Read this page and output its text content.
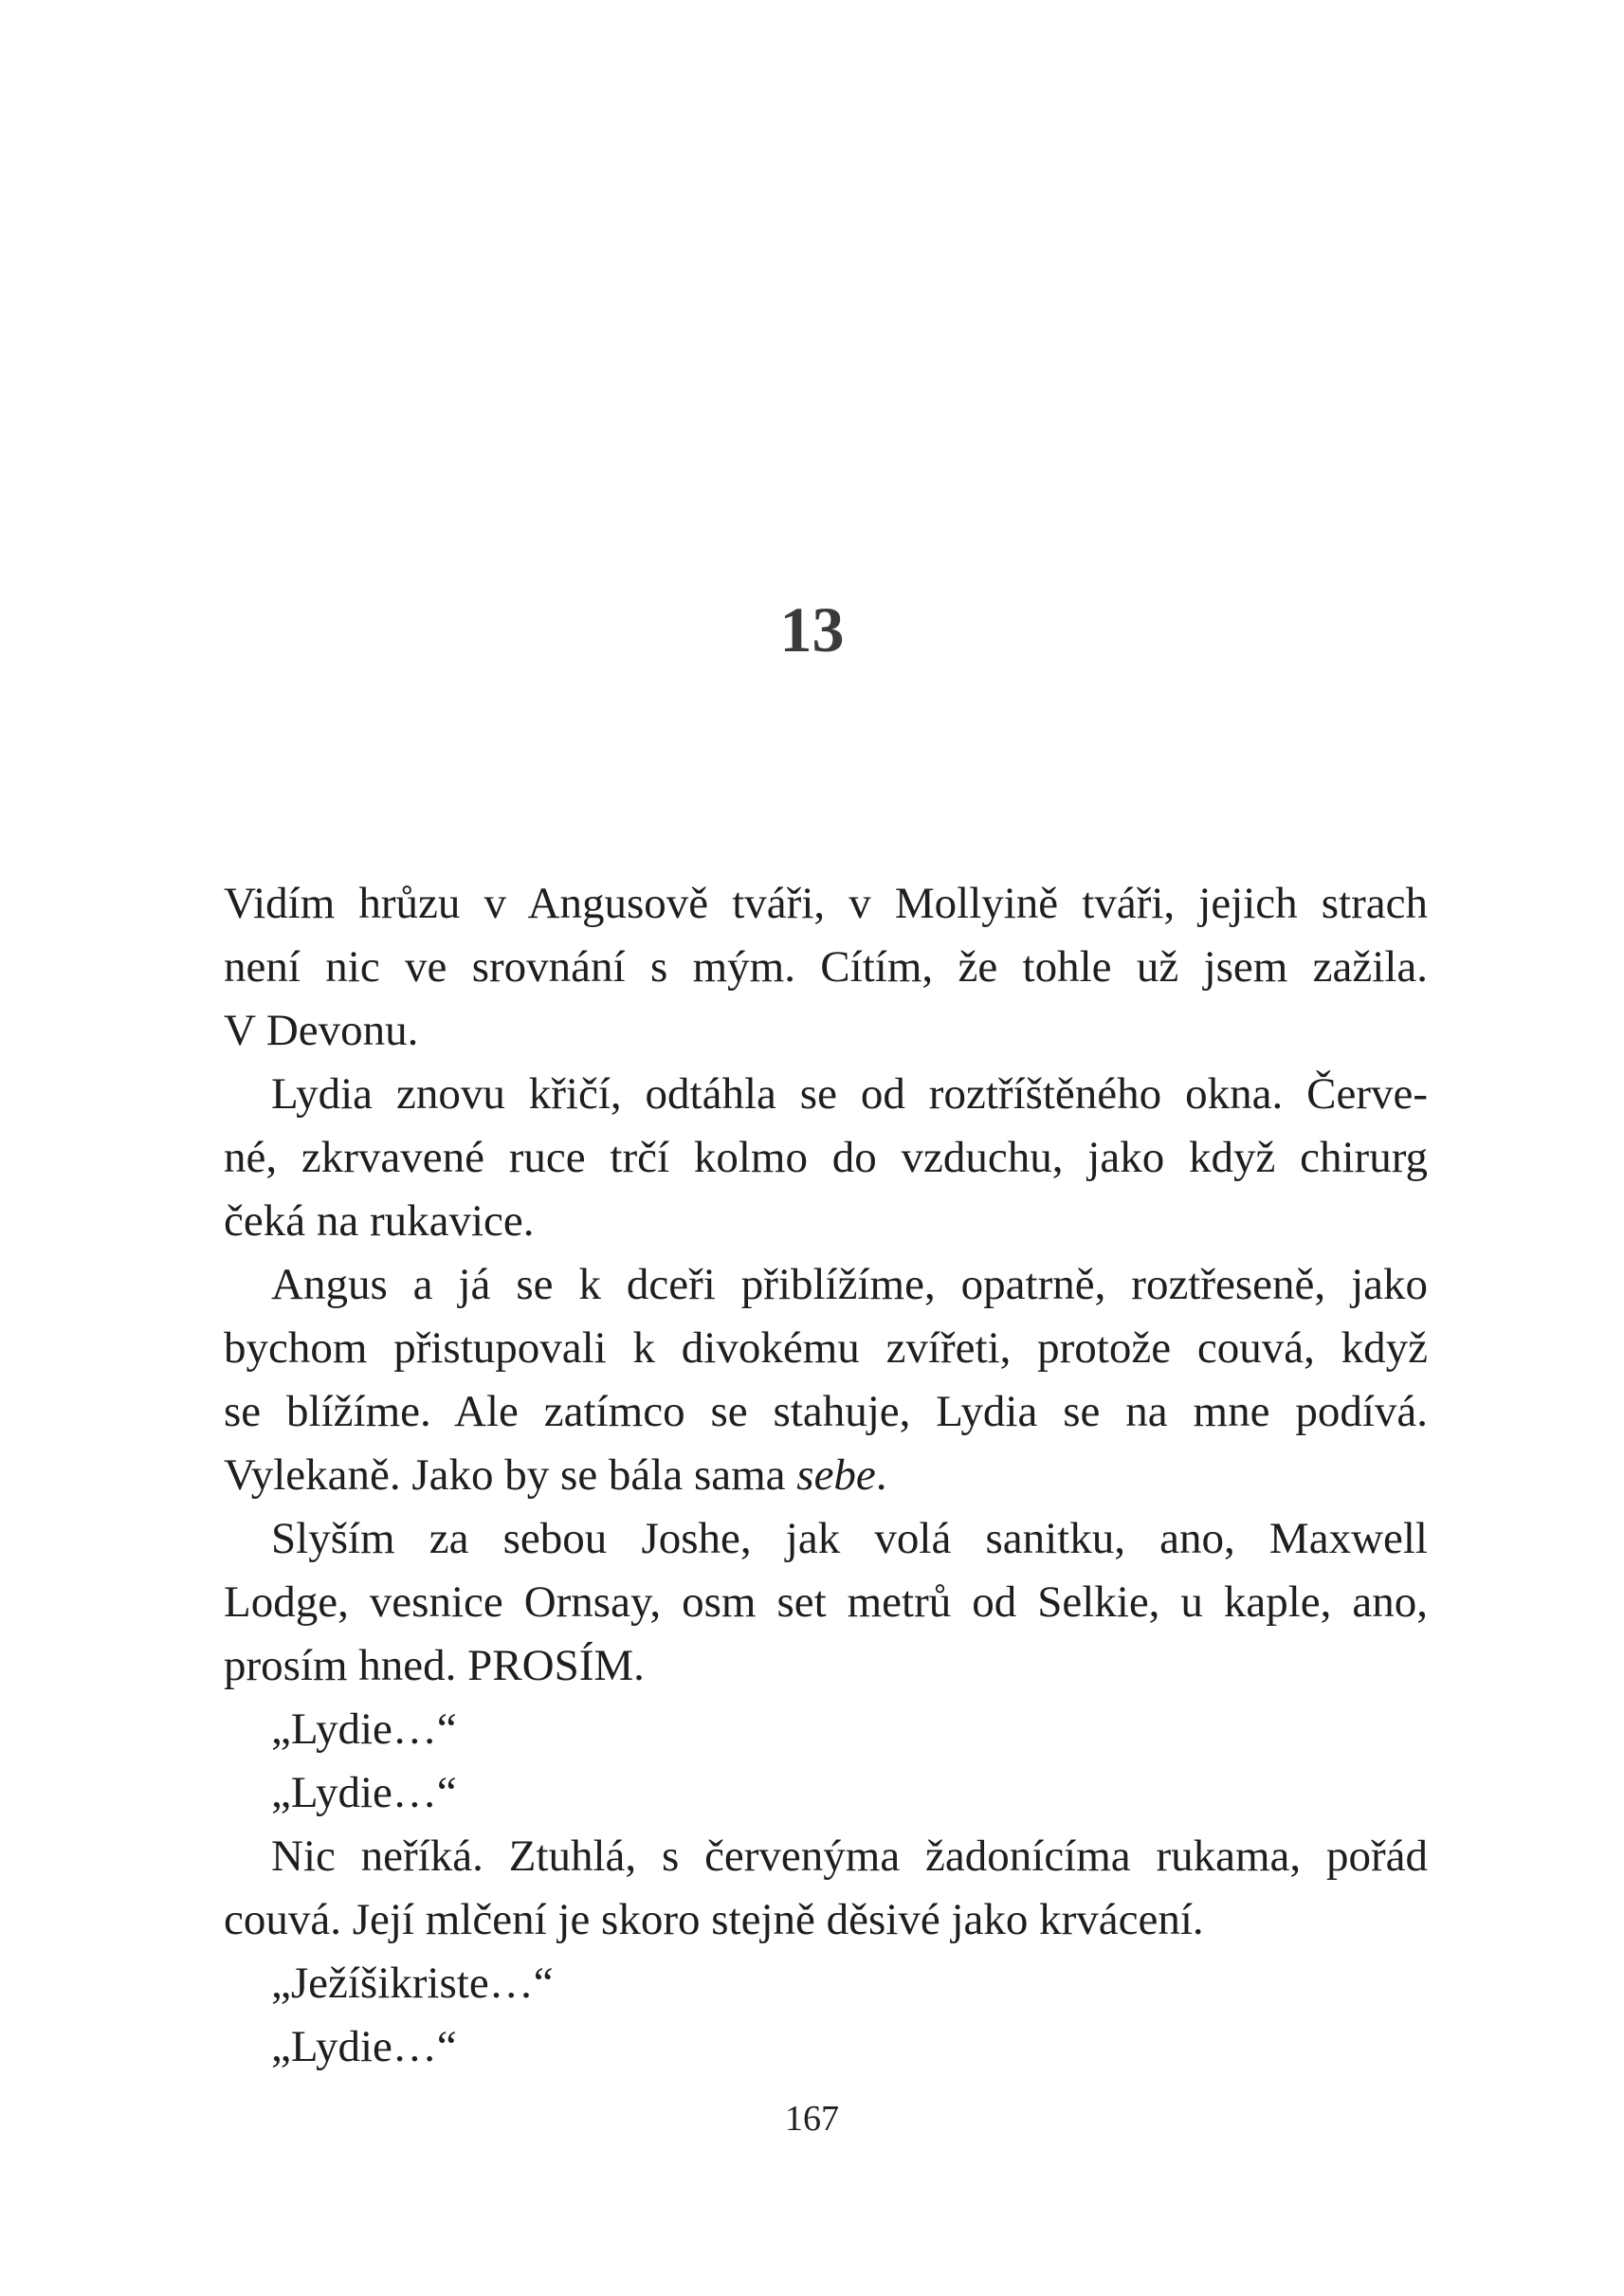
13
Vidím hrůzu v Angusově tváři, v Mollyině tváři, jejich strach
není nic ve srovnání s mým. Cítím, že tohle už jsem zažila.
V Devonu.
Lydia znovu křičí, odtáhla se od roztříštěného okna. Červe-
né, zkrvavené ruce trčí kolmo do vzduchu, jako když chirurg
čeká na rukavice.
Angus a já se k dceři přiblížíme, opatrně, roztřeseně, jako
bychom přistupovali k divokému zvířeti, protože couvá, když
se blížíme. Ale zatímco se stahuje, Lydia se na mne podívá.
Vylekaně. Jako by se bála sama sebe.
Slyším za sebou Joshe, jak volá sanitku, ano, Maxwell
Lodge, vesnice Ornsay, osm set metrů od Selkie, u kaple, ano,
prosím hned. PROSÍM.
„Lydie…“
„Lydie…“
Nic neříká. Ztuhlá, s červenýma žadonícíma rukama, pořád
couvá. Její mlčení je skoro stejně děsivé jako krvácení.
„Ježíšikriste…“
„Lydie…“
167
